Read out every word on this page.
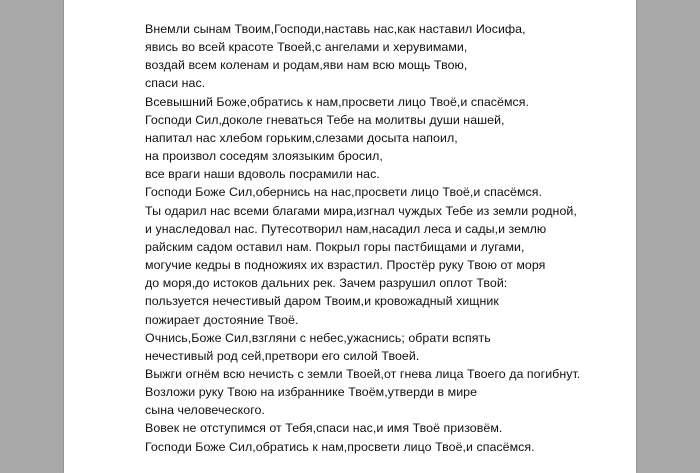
Внемли сынам Твоим,Господи,наставь нас,как наставил Иосифа,
явись во всей красоте Твоей,с ангелами и херувимами,
воздай всем коленам и родам,яви нам всю мощь Твою,
спаси нас.
Всевышний Боже,обратись к нам,просвети лицо Твоё,и спасёмся.
Господи Сил,доколе гневаться Тебе на молитвы души нашей,
напитал нас хлебом горьким,слезами досыта напоил,
на произвол соседям злоязыким бросил,
все враги наши вдоволь посрамили нас.
Господи Боже Сил,обернись на нас,просвети лицо Твоё,и спасёмся.
Ты одарил нас всеми благами мира,изгнал чуждых Тебе из земли родной,
и унаследовал нас. Путесотворил нам,насадил леса и сады,и землю
райским садом оставил нам. Покрыл горы пастбищами и лугами,
могучие кедры в подножиях их взрастил. Простёр руку Твою от моря
до моря,до истоков дальних рек. Зачем разрушил оплот Твой:
пользуется нечестивый даром Твоим,и кровожадный хищник
пожирает достояние Твоё.
Очнись,Боже Сил,взгляни с небес,ужаснись; обрати вспять
нечестивый род сей,претвори его силой Твоей.
Выжги огнём всю нечисть с земли Твоей,от гнева лица Твоего да погибнут.
Возложи руку Твою на избраннике Твоём,утверди в мире
сына человеческого.
Вовек не отступимся от Тебя,спаси нас,и имя Твоё призовём.
Господи Боже Сил,обратись к нам,просвети лицо Твоё,и спасёмся.
